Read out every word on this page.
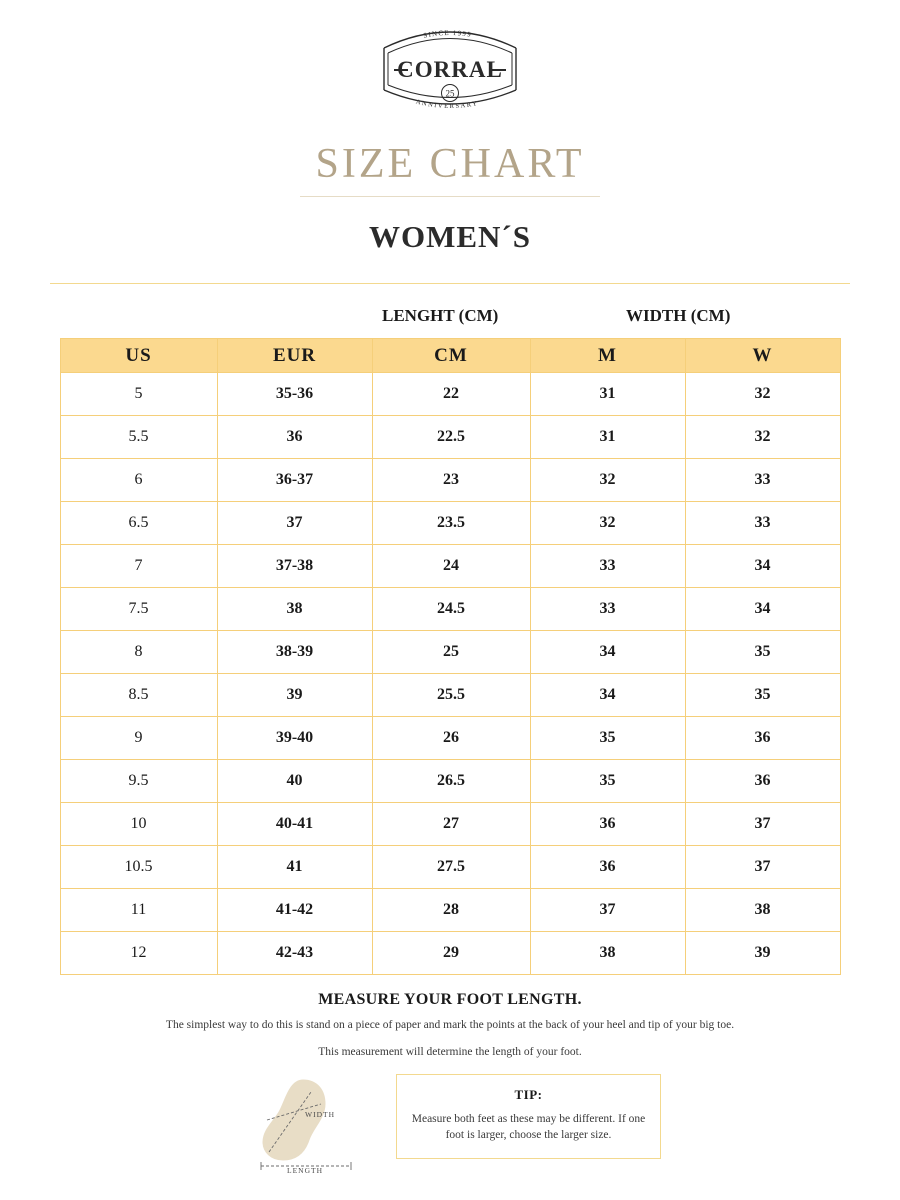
SINCE 1999
CORRAL
25
ANNIVERSARY
SIZE CHART
WOMEN´S
LENGHT (CM)	WIDTH (CM)
US	EUR	CM	M	W
5	35-36	22	31	32
5.5	36	22.5	31	32
6	36-37	23	32	33
6.5	37	23.5	32	33
7	37-38	24	33	34
7.5	38	24.5	33	34
8	38-39	25	34	35
8.5	39	25.5	34	35
9	39-40	26	35	36
9.5	40	26.5	35	36
10	40-41	27	36	37
10.5	41	27.5	36	37
11	41-42	28	37	38
12	42-43	29	38	39
MEASURE YOUR FOOT LENGTH.
The simplest way to do this is stand on a piece of paper and mark the points at the back of your heel and tip of your big toe.
This measurement will determine the length of your foot.
WIDTH
LENGTH
TIP:
Measure both feet as these may be different. If one foot is larger, choose the larger size.
